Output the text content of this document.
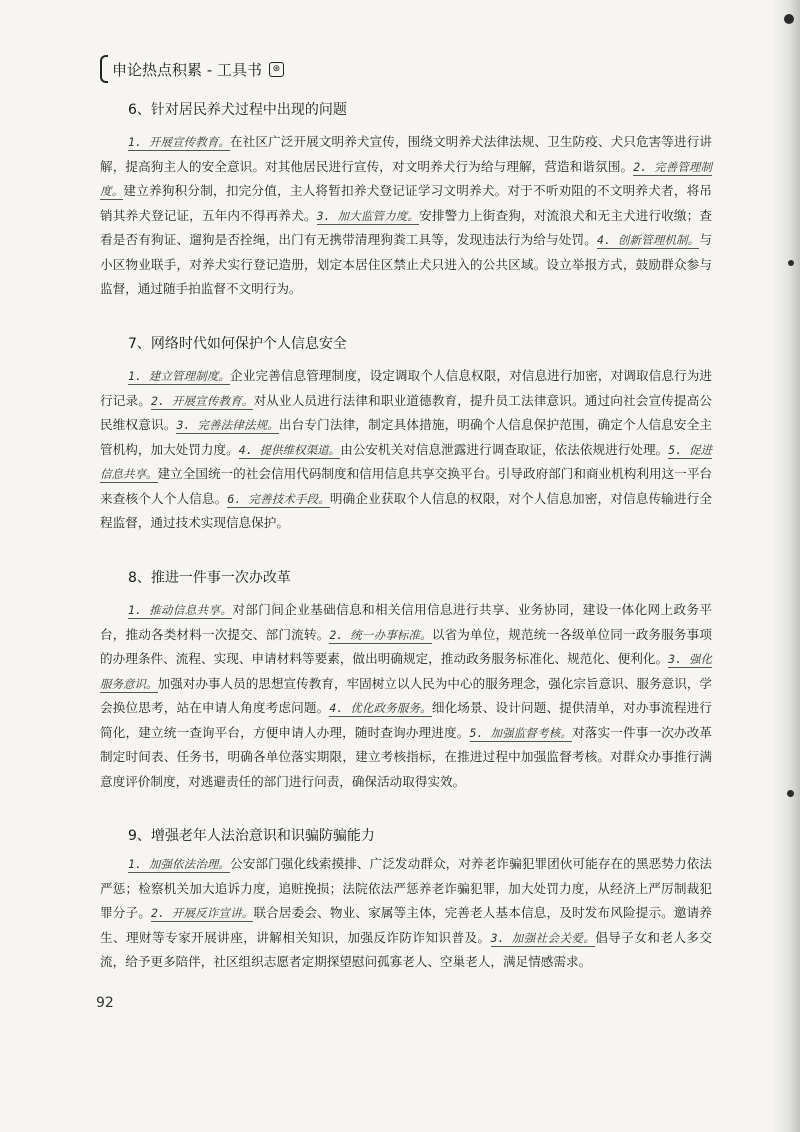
申论热点积累 - 工具书	⊛
6、针对居民养犬过程中出现的问题

1. 开展宣传教育。在社区广泛开展文明养犬宣传，围绕文明养犬法律法规、卫生防疫、犬只危害等进行讲解，提高狗主人的安全意识。对其他居民进行宣传，对文明养犬行为给与理解，营造和谐氛围。2. 完善管理制度。建立养狗积分制，扣完分值，主人将暂扣养犬登记证学习文明养犬。对于不听劝阻的不文明养犬者，将吊销其养犬登记证，五年内不得再养犬。3. 加大监管力度。安排警力上街查狗，对流浪犬和无主犬进行收缴；查看是否有狗证、遛狗是否拴绳，出门有无携带清理狗粪工具等，发现违法行为给与处罚。4. 创新管理机制。与小区物业联手，对养犬实行登记造册，划定本居住区禁止犬只进入的公共区域。设立举报方式，鼓励群众参与监督，通过随手拍监督不文明行为。

7、网络时代如何保护个人信息安全

1. 建立管理制度。企业完善信息管理制度，设定调取个人信息权限，对信息进行加密，对调取信息行为进行记录。2. 开展宣传教育。对从业人员进行法律和职业道德教育，提升员工法律意识。通过向社会宣传提高公民维权意识。3. 完善法律法规。出台专门法律，制定具体措施，明确个人信息保护范围，确定个人信息安全主管机构，加大处罚力度。4. 提供维权渠道。由公安机关对信息泄露进行调查取证，依法依规进行处理。5. 促进信息共享。建立全国统一的社会信用代码制度和信用信息共享交换平台。引导政府部门和商业机构利用这一平台来查核个人个人信息。6. 完善技术手段。明确企业获取个人信息的权限，对个人信息加密，对信息传输进行全程监督，通过技术实现信息保护。

8、推进一件事一次办改革

1. 推动信息共享。对部门间企业基础信息和相关信用信息进行共享、业务协同，建设一体化网上政务平台，推动各类材料一次提交、部门流转。2. 统一办事标准。以省为单位，规范统一各级单位同一政务服务事项的办理条件、流程、实现、申请材料等要素，做出明确规定，推动政务服务标准化、规范化、便利化。3. 强化服务意识。加强对办事人员的思想宣传教育，牢固树立以人民为中心的服务理念，强化宗旨意识、服务意识，学会换位思考，站在申请人角度考虑问题。4. 优化政务服务。细化场景、设计问题、提供清单，对办事流程进行简化，建立统一查询平台，方便申请人办理，随时查询办理进度。5. 加强监督考核。对落实一件事一次办改革制定时间表、任务书，明确各单位落实期限，建立考核指标，在推进过程中加强监督考核。对群众办事推行满意度评价制度，对逃避责任的部门进行问责，确保活动取得实效。

9、增强老年人法治意识和识骗防骗能力

1. 加强依法治理。公安部门强化线索摸排、广泛发动群众，对养老诈骗犯罪团伙可能存在的黑恶势力依法严惩；检察机关加大追诉力度，追赃挽损；法院依法严惩养老诈骗犯罪，加大处罚力度，从经济上严厉制裁犯罪分子。2. 开展反诈宣讲。联合居委会、物业、家属等主体，完善老人基本信息，及时发布风险提示。邀请养生、理财等专家开展讲座，讲解相关知识，加强反诈防诈知识普及。3. 加强社会关爱。倡导子女和老人多交流，给予更多陪伴，社区组织志愿者定期探望慰问孤寡老人、空巢老人，满足情感需求。

92
